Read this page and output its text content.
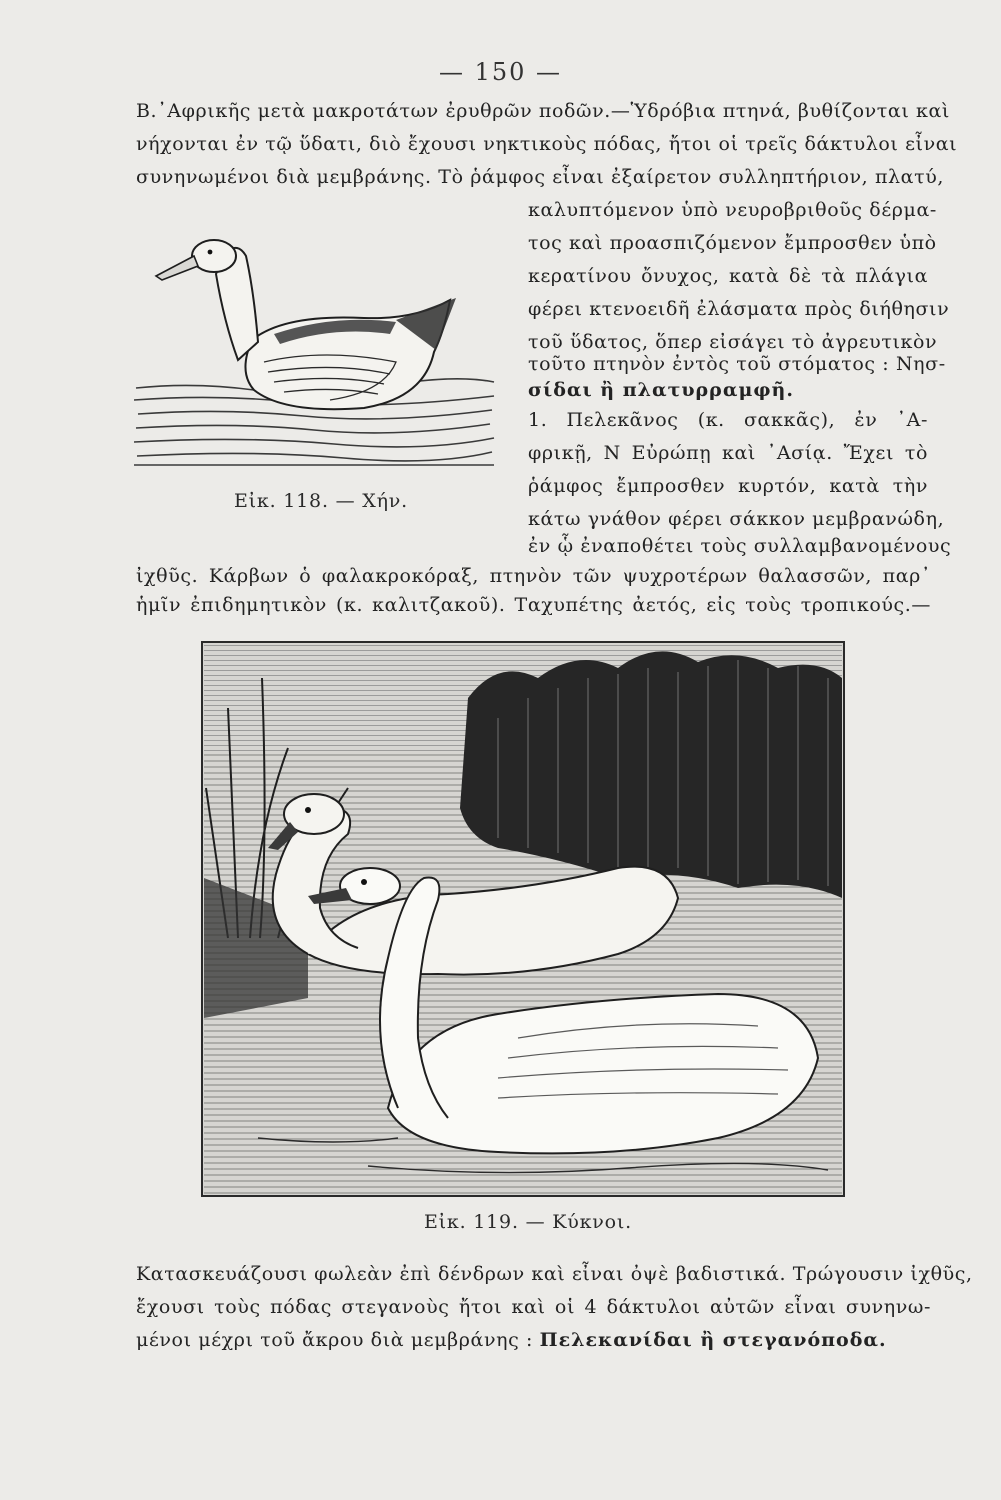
— 150 —
Β.᾽Αφρικῆς μετὰ μακροτάτων ἐρυθρῶν ποδῶν.—Ὑδρόβια πτηνά, βυθίζονται καὶ
νήχονται ἐν τῷ ὕδατι, διὸ ἔχουσι νηκτικοὺς πόδας, ἤτοι οἱ τρεῖς δάκτυλοι εἶναι
συνηνωμένοι διὰ μεμβράνης. Τὸ ῥάμφος εἶναι ἐξαίρετον συλληπτήριον, πλατύ,
Εἰκ. 118. — Χήν.
καλυπτόμενον ὑπὸ νευροβριθοῦς δέρμα-
τος καὶ προασπιζόμενον ἔμπροσθεν ὑπὸ
κερατίνου ὄνυχος, κατὰ δὲ τὰ πλάγια
φέρει κτενοειδῆ ἐλάσματα πρὸς διήθησιν
τοῦ ὕδατος, ὅπερ εἰσάγει τὸ ἀγρευτικὸν
τοῦτο πτηνὸν ἐντὸς τοῦ στόματος : Νησ-
σίδαι ἢ πλατυρραμφῆ.
1. Πελεκᾶνος (κ. σακκᾶς), ἐν ᾽Α-
φρικῇ, Ν Εὐρώπῃ καὶ ᾽Ασίᾳ. Ἔχει τὸ
ῥάμφος ἔμπροσθεν κυρτόν, κατὰ τὴν
κάτω γνάθον φέρει σάκκον μεμβρανώδη,
ἐν ᾧ ἐναποθέτει τοὺς συλλαμβανομένους
ἰχθῦς. Κάρβων ὁ φαλακροκόραξ, πτηνὸν τῶν ψυχροτέρων θαλασσῶν, παρ᾽
ἡμῖν ἐπιδημητικὸν (κ. καλιτζακοῦ). Ταχυπέτης ἀετός, εἰς τοὺς τροπικούς.—
Εἰκ. 119. — Κύκνοι.
Κατασκευάζουσι φωλεὰν ἐπὶ δένδρων καὶ εἶναι ὀψὲ βαδιστικά. Τρώγουσιν ἰχθῦς,
ἔχουσι τοὺς πόδας στεγανοὺς ἤτοι καὶ οἱ 4 δάκτυλοι αὐτῶν εἶναι συνηνω-
μένοι μέχρι τοῦ ἄκρου διὰ μεμβράνης : Πελεκανίδαι ἢ στεγανόποδα.
